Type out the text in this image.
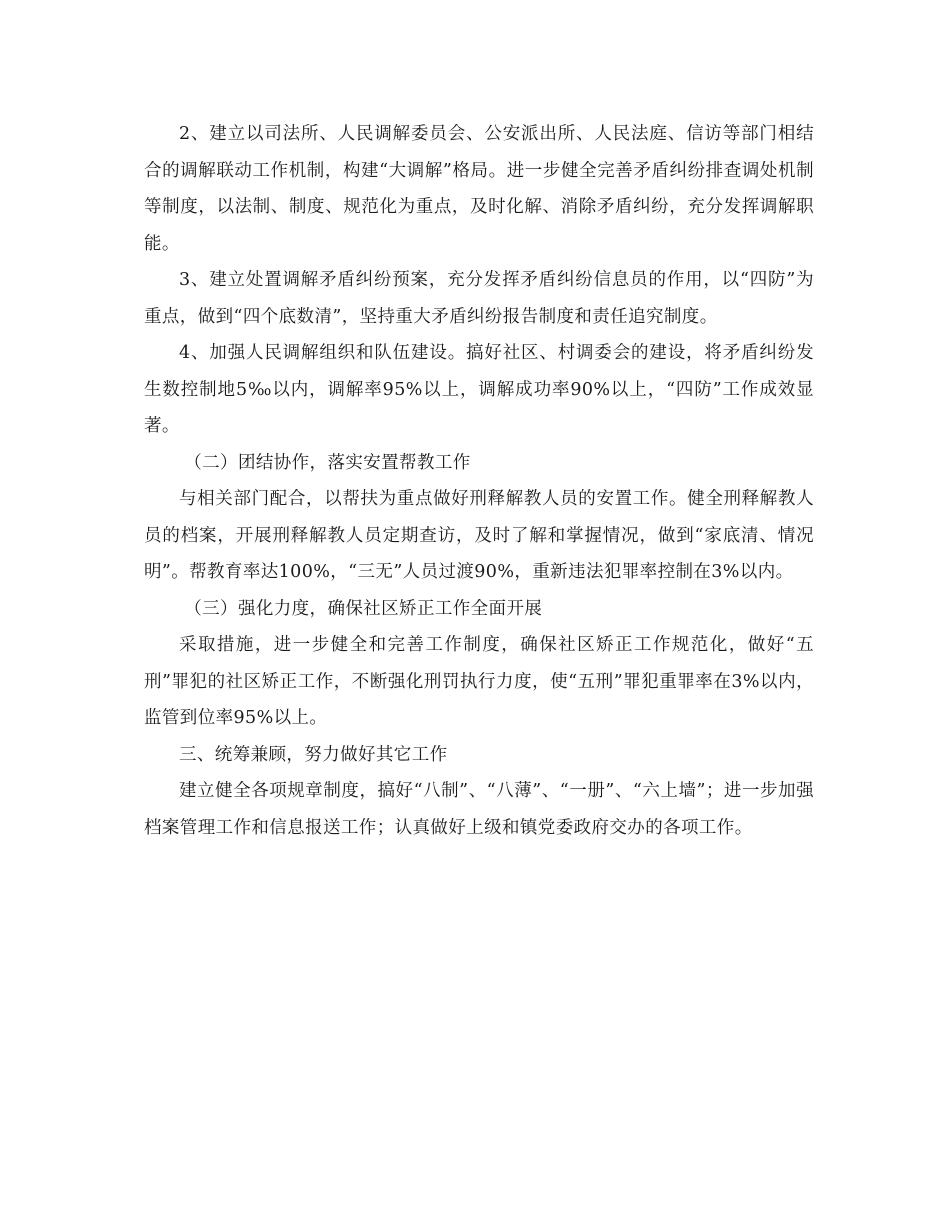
2、建立以司法所、人民调解委员会、公安派出所、人民法庭、信访等部门相结合的调解联动工作机制，构建“大调解”格局。进一步健全完善矛盾纠纷排查调处机制等制度，以法制、制度、规范化为重点，及时化解、消除矛盾纠纷，充分发挥调解职能。

3、建立处置调解矛盾纠纷预案，充分发挥矛盾纠纷信息员的作用，以“四防”为重点，做到“四个底数清”，坚持重大矛盾纠纷报告制度和责任追究制度。

4、加强人民调解组织和队伍建设。搞好社区、村调委会的建设，将矛盾纠纷发生数控制地5‰以内，调解率95%以上，调解成功率90%以上，“四防”工作成效显著。

（二）团结协作，落实安置帮教工作

与相关部门配合，以帮扶为重点做好刑释解教人员的安置工作。健全刑释解教人员的档案，开展刑释解教人员定期查访，及时了解和掌握情况，做到“家底清、情况明”。帮教育率达100%，“三无”人员过渡90%，重新违法犯罪率控制在3%以内。

（三）强化力度，确保社区矫正工作全面开展

采取措施，进一步健全和完善工作制度，确保社区矫正工作规范化，做好“五刑”罪犯的社区矫正工作，不断强化刑罚执行力度，使“五刑”罪犯重罪率在3%以内，监管到位率95%以上。

三、统筹兼顾，努力做好其它工作

建立健全各项规章制度，搞好“八制”、“八薄”、“一册”、“六上墙”；进一步加强档案管理工作和信息报送工作；认真做好上级和镇党委政府交办的各项工作。
